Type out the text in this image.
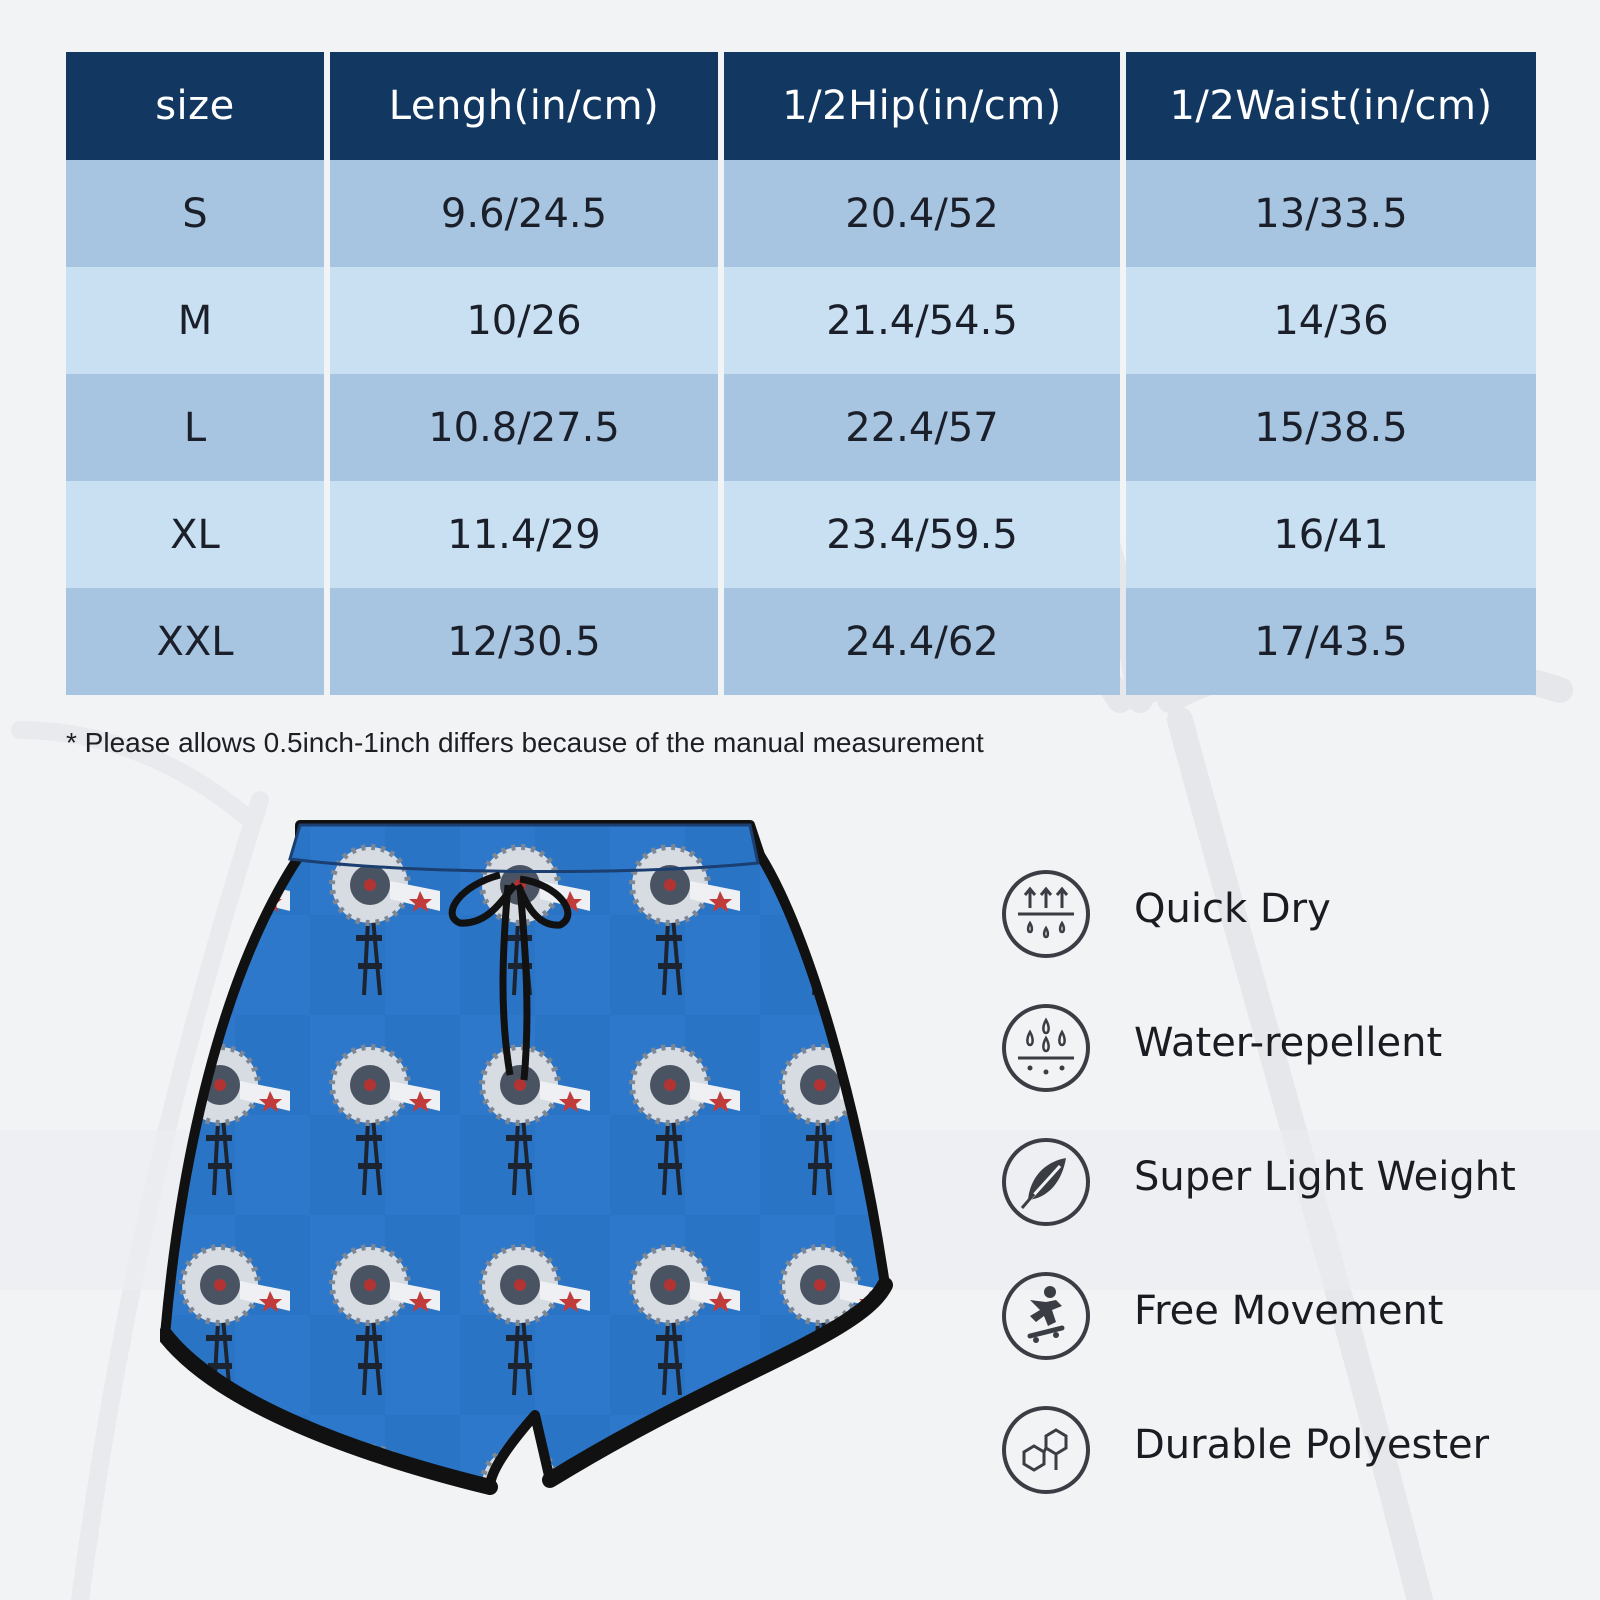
size	Lengh(in/cm)	1/2Hip(in/cm)	1/2Waist(in/cm)
S	9.6/24.5	20.4/52	13/33.5
M	10/26	21.4/54.5	14/36
L	10.8/27.5	22.4/57	15/38.5
XL	11.4/29	23.4/59.5	16/41
XXL	12/30.5	24.4/62	17/43.5
* Please allows 0.5inch-1inch differs because of the manual measurement
Quick Dry
Water-repellent
Super Light Weight
Free Movement
Durable Polyester
